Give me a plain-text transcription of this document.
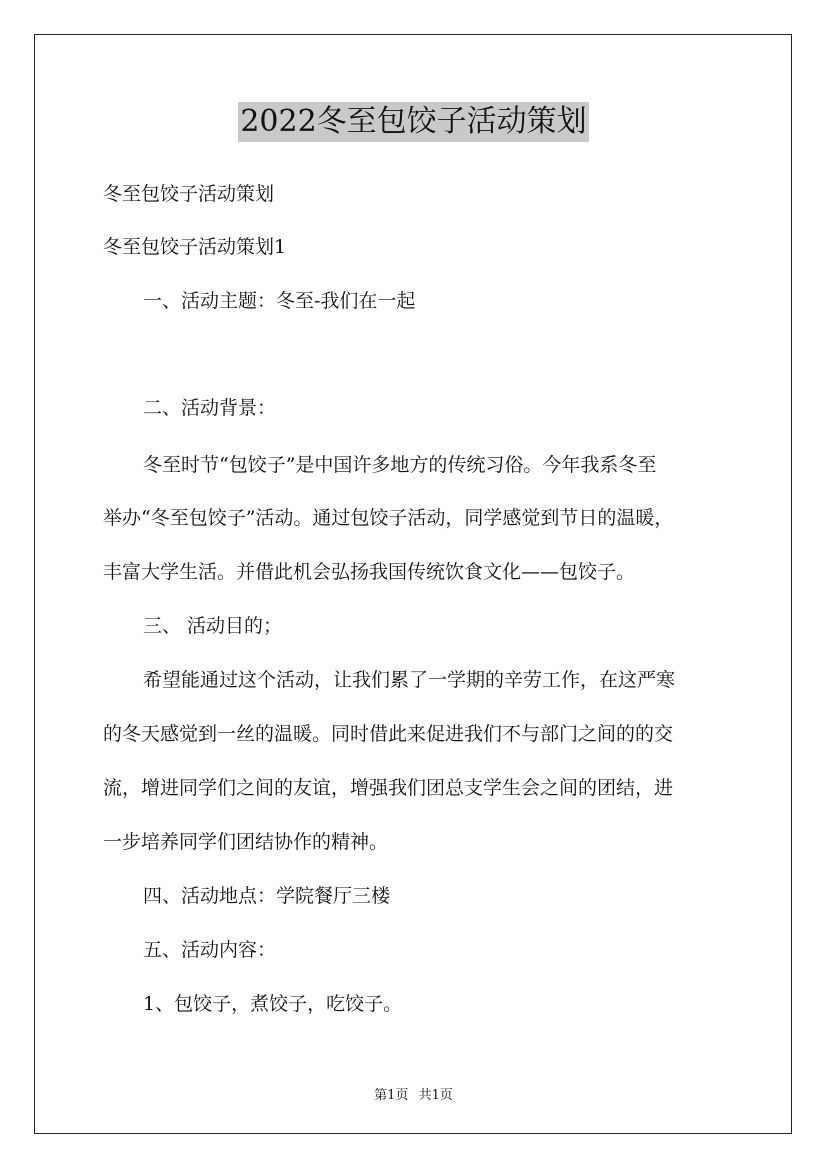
2022冬至包饺子活动策划
冬至包饺子活动策划
冬至包饺子活动策划1
一、活动主题：冬至-我们在一起
二、活动背景：
冬至时节“包饺子”是中国许多地方的传统习俗。今年我系冬至
举办“冬至包饺子”活动。通过包饺子活动，同学感觉到节日的温暖，
丰富大学生活。并借此机会弘扬我国传统饮食文化——包饺子。
三、 活动目的；
希望能通过这个活动，让我们累了一学期的辛劳工作，在这严寒
的冬天感觉到一丝的温暖。同时借此来促进我们不与部门之间的的交
流，增进同学们之间的友谊，增强我们团总支学生会之间的团结，进
一步培养同学们团结协作的精神。
四、活动地点：学院餐厅三楼
五、活动内容：
1、包饺子，煮饺子，吃饺子。
第1页 共1页
